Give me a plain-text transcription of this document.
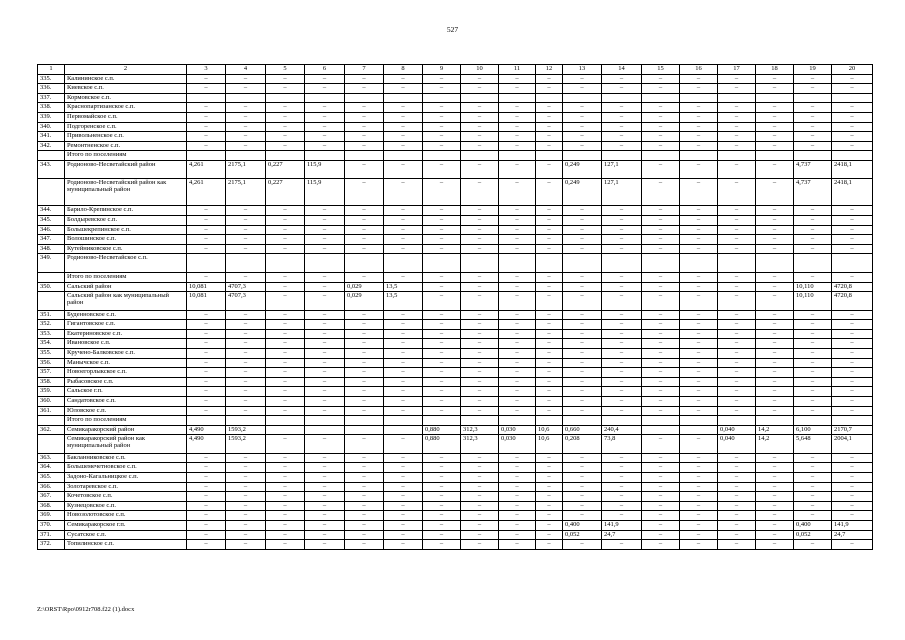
527
1	2	3	4	5	6	7	8	9	10	11	12	13	14	15	16	17	18	19	20
335.	Калининское с.п.	–	–	–	–	–	–	–	–	–	–	–	–	–	–	–	–	–	–
336.	Киевское с.п.	–	–	–	–	–	–	–	–	–	–	–	–	–	–	–	–	–	–
337.	Кормовское с.п.																		
338.	Краснопартизанское с.п.	–	–	–	–	–	–	–	–	–	–	–	–	–	–	–	–	–	–
339.	Первомайское с.п.	–	–	–	–	–	–	–	–	–	–	–	–	–	–	–	–	–	–
340.	Подгоренское с.п.	–	–	–	–	–	–	–	–	–	–	–	–	–	–	–	–	–	–
341.	Привольненское с.п.	–	–	–	–	–	–	–	–	–	–	–	–	–	–	–	–	–	–
342.	Ремонтненское с.п.	–	–	–	–	–	–	–	–	–	–	–	–	–	–	–	–	–	–
	Итого по поселениям																		
343.	Родионово-Несветайский район	4,261	2175,1	0,227	115,9	–	–	–	–	–	–	0,249	127,1	–	–	–	–	4,737	2418,1
	Родионово-Несветайский район как муниципальный район	4,261	2175,1	0,227	115,9	–	–	–	–	–	–	0,249	127,1	–	–	–	–	4,737	2418,1
344.	Барило-Крепинское с.п.	–	–	–	–	–	–	–	–	–	–	–	–	–	–	–	–	–	–
345.	Болдыревское с.п.	–	–	–	–	–	–	–	–	–	–	–	–	–	–	–	–	–	–
346.	Большекрепинское с.п.	–	–	–	–	–	–	–	–	–	–	–	–	–	–	–	–	–	–
347.	Волошинское с.п.	–	–	–	–	–	–	–	–	–	–	–	–	–	–	–	–	–	–
348.	Кутейниковское с.п.	–	–	–	–	–	–	–	–	–	–	–	–	–	–	–	–	–	–
349.	Родионово-Несветайское с.п.																		
	Итого по поселениям	–	–	–	–	–	–	–	–	–	–	–	–	–	–	–	–	–	–
350.	Сальский район	10,081	4707,3	–	–	0,029	13,5	–	–	–	–	–	–	–	–	–	–	10,110	4720,8
	Сальский район как муниципальный район	10,081	4707,3	–	–	0,029	13,5	–	–	–	–	–	–	–	–	–	–	10,110	4720,8
351.	Буденновское с.п.	–	–	–	–	–	–	–	–	–	–	–	–	–	–	–	–	–	–
352.	Гигантовское с.п.	–	–	–	–	–	–	–	–	–	–	–	–	–	–	–	–	–	–
353.	Екатериновское с.п.	–	–	–	–	–	–	–	–	–	–	–	–	–	–	–	–	–	–
354.	Ивановское с.п.	–	–	–	–	–	–	–	–	–	–	–	–	–	–	–	–	–	–
355.	Кручено-Балковское с.п.	–	–	–	–	–	–	–	–	–	–	–	–	–	–	–	–	–	–
356.	Манычское с.п.	–	–	–	–	–	–	–	–	–	–	–	–	–	–	–	–	–	–
357.	Новоегорлыкское с.п.	–	–	–	–	–	–	–	–	–	–	–	–	–	–	–	–	–	–
358.	Рыбасовское с.п.	–	–	–	–	–	–	–	–	–	–	–	–	–	–	–	–	–	–
359.	Сальское г.п.	–	–	–	–	–	–	–	–	–	–	–	–	–	–	–	–	–	–
360.	Сандатовское с.п.	–	–	–	–	–	–	–	–	–	–	–	–	–	–	–	–	–	–
361.	Юловское с.п.	–	–	–	–	–	–	–	–	–	–	–	–	–	–	–	–	–	–
	Итого по поселениям																		
362.	Семикаракорский район	4,490	1593,2					0,880	312,3	0,030	10,6	0,660	240,4			0,040	14,2	6,100	2170,7
	Семикаракорский район как муниципальный район	4,490	1593,2	–	–	–	–	0,880	312,3	0,030	10,6	0,208	73,8	–	–	0,040	14,2	5,648	2004,1
363.	Бакланниковское с.п.	–	–	–	–	–	–	–	–	–	–	–	–	–	–	–	–	–	–
364.	Большемечетновское с.п.	–	–	–	–	–	–	–	–	–	–	–	–	–	–	–	–	–	–
365.	Задоно-Кагальницкое с.п.	–	–	–	–	–	–	–	–	–	–	–	–	–	–	–	–	–	–
366.	Золотаревское с.п.	–	–	–	–	–	–	–	–	–	–	–	–	–	–	–	–	–	–
367.	Кочетовское с.п.	–	–	–	–	–	–	–	–	–	–	–	–	–	–	–	–	–	–
368.	Кузнецовское с.п.	–	–	–	–	–	–	–	–	–	–	–	–	–	–	–	–	–	–
369.	Новозолотовское с.п.	–	–	–	–	–	–	–	–	–	–	–	–	–	–	–	–	–	–
370.	Семикаракорское г.п.	–	–	–	–	–	–	–	–	–	–	0,400	141,9	–	–	–	–	0,400	141,9
371.	Сусатское с.п.	–	–	–	–	–	–	–	–	–	–	0,052	24,7	–	–	–	–	0,052	24,7
372.	Топилинское с.п.	–	–	–	–	–	–	–	–	–	–	–	–	–	–	–	–	–	–
Z:\ORST\Rpo\0912r708.f22 (1).docx
